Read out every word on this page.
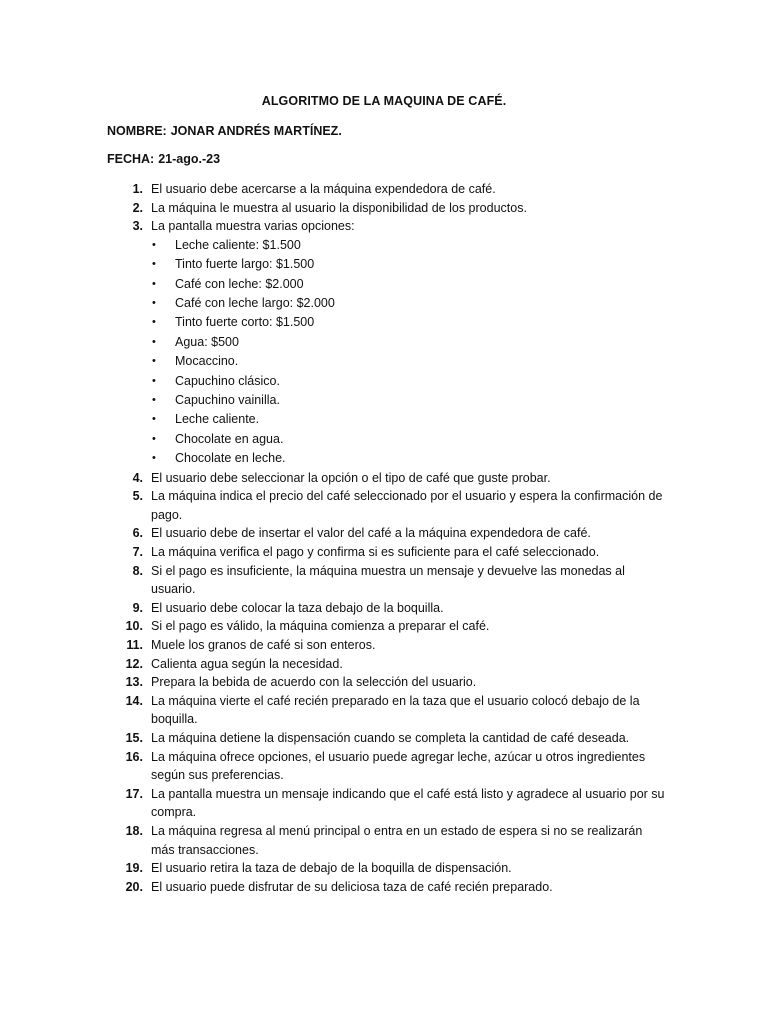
ALGORITMO DE LA MAQUINA DE CAFÉ.
NOMBRE: JONAR ANDRÉS MARTÍNEZ.
FECHA: 21-ago.-23
1. El usuario debe acercarse a la máquina expendedora de café.
2. La máquina le muestra al usuario la disponibilidad de los productos.
3. La pantalla muestra varias opciones:
• Leche caliente: $1.500
• Tinto fuerte largo: $1.500
• Café con leche: $2.000
• Café con leche largo: $2.000
• Tinto fuerte corto: $1.500
• Agua: $500
• Mocaccino.
• Capuchino clásico.
• Capuchino vainilla.
• Leche caliente.
• Chocolate en agua.
• Chocolate en leche.
4. El usuario debe seleccionar la opción o el tipo de café que guste probar.
5. La máquina indica el precio del café seleccionado por el usuario y espera la confirmación de pago.
6. El usuario debe de insertar el valor del café a la máquina expendedora de café.
7. La máquina verifica el pago y confirma si es suficiente para el café seleccionado.
8. Si el pago es insuficiente, la máquina muestra un mensaje y devuelve las monedas al usuario.
9. El usuario debe colocar la taza debajo de la boquilla.
10. Si el pago es válido, la máquina comienza a preparar el café.
11. Muele los granos de café si son enteros.
12. Calienta agua según la necesidad.
13. Prepara la bebida de acuerdo con la selección del usuario.
14. La máquina vierte el café recién preparado en la taza que el usuario colocó debajo de la boquilla.
15. La máquina detiene la dispensación cuando se completa la cantidad de café deseada.
16. La máquina ofrece opciones, el usuario puede agregar leche, azúcar u otros ingredientes según sus preferencias.
17. La pantalla muestra un mensaje indicando que el café está listo y agradece al usuario por su compra.
18. La máquina regresa al menú principal o entra en un estado de espera si no se realizarán más transacciones.
19. El usuario retira la taza de debajo de la boquilla de dispensación.
20. El usuario puede disfrutar de su deliciosa taza de café recién preparado.
